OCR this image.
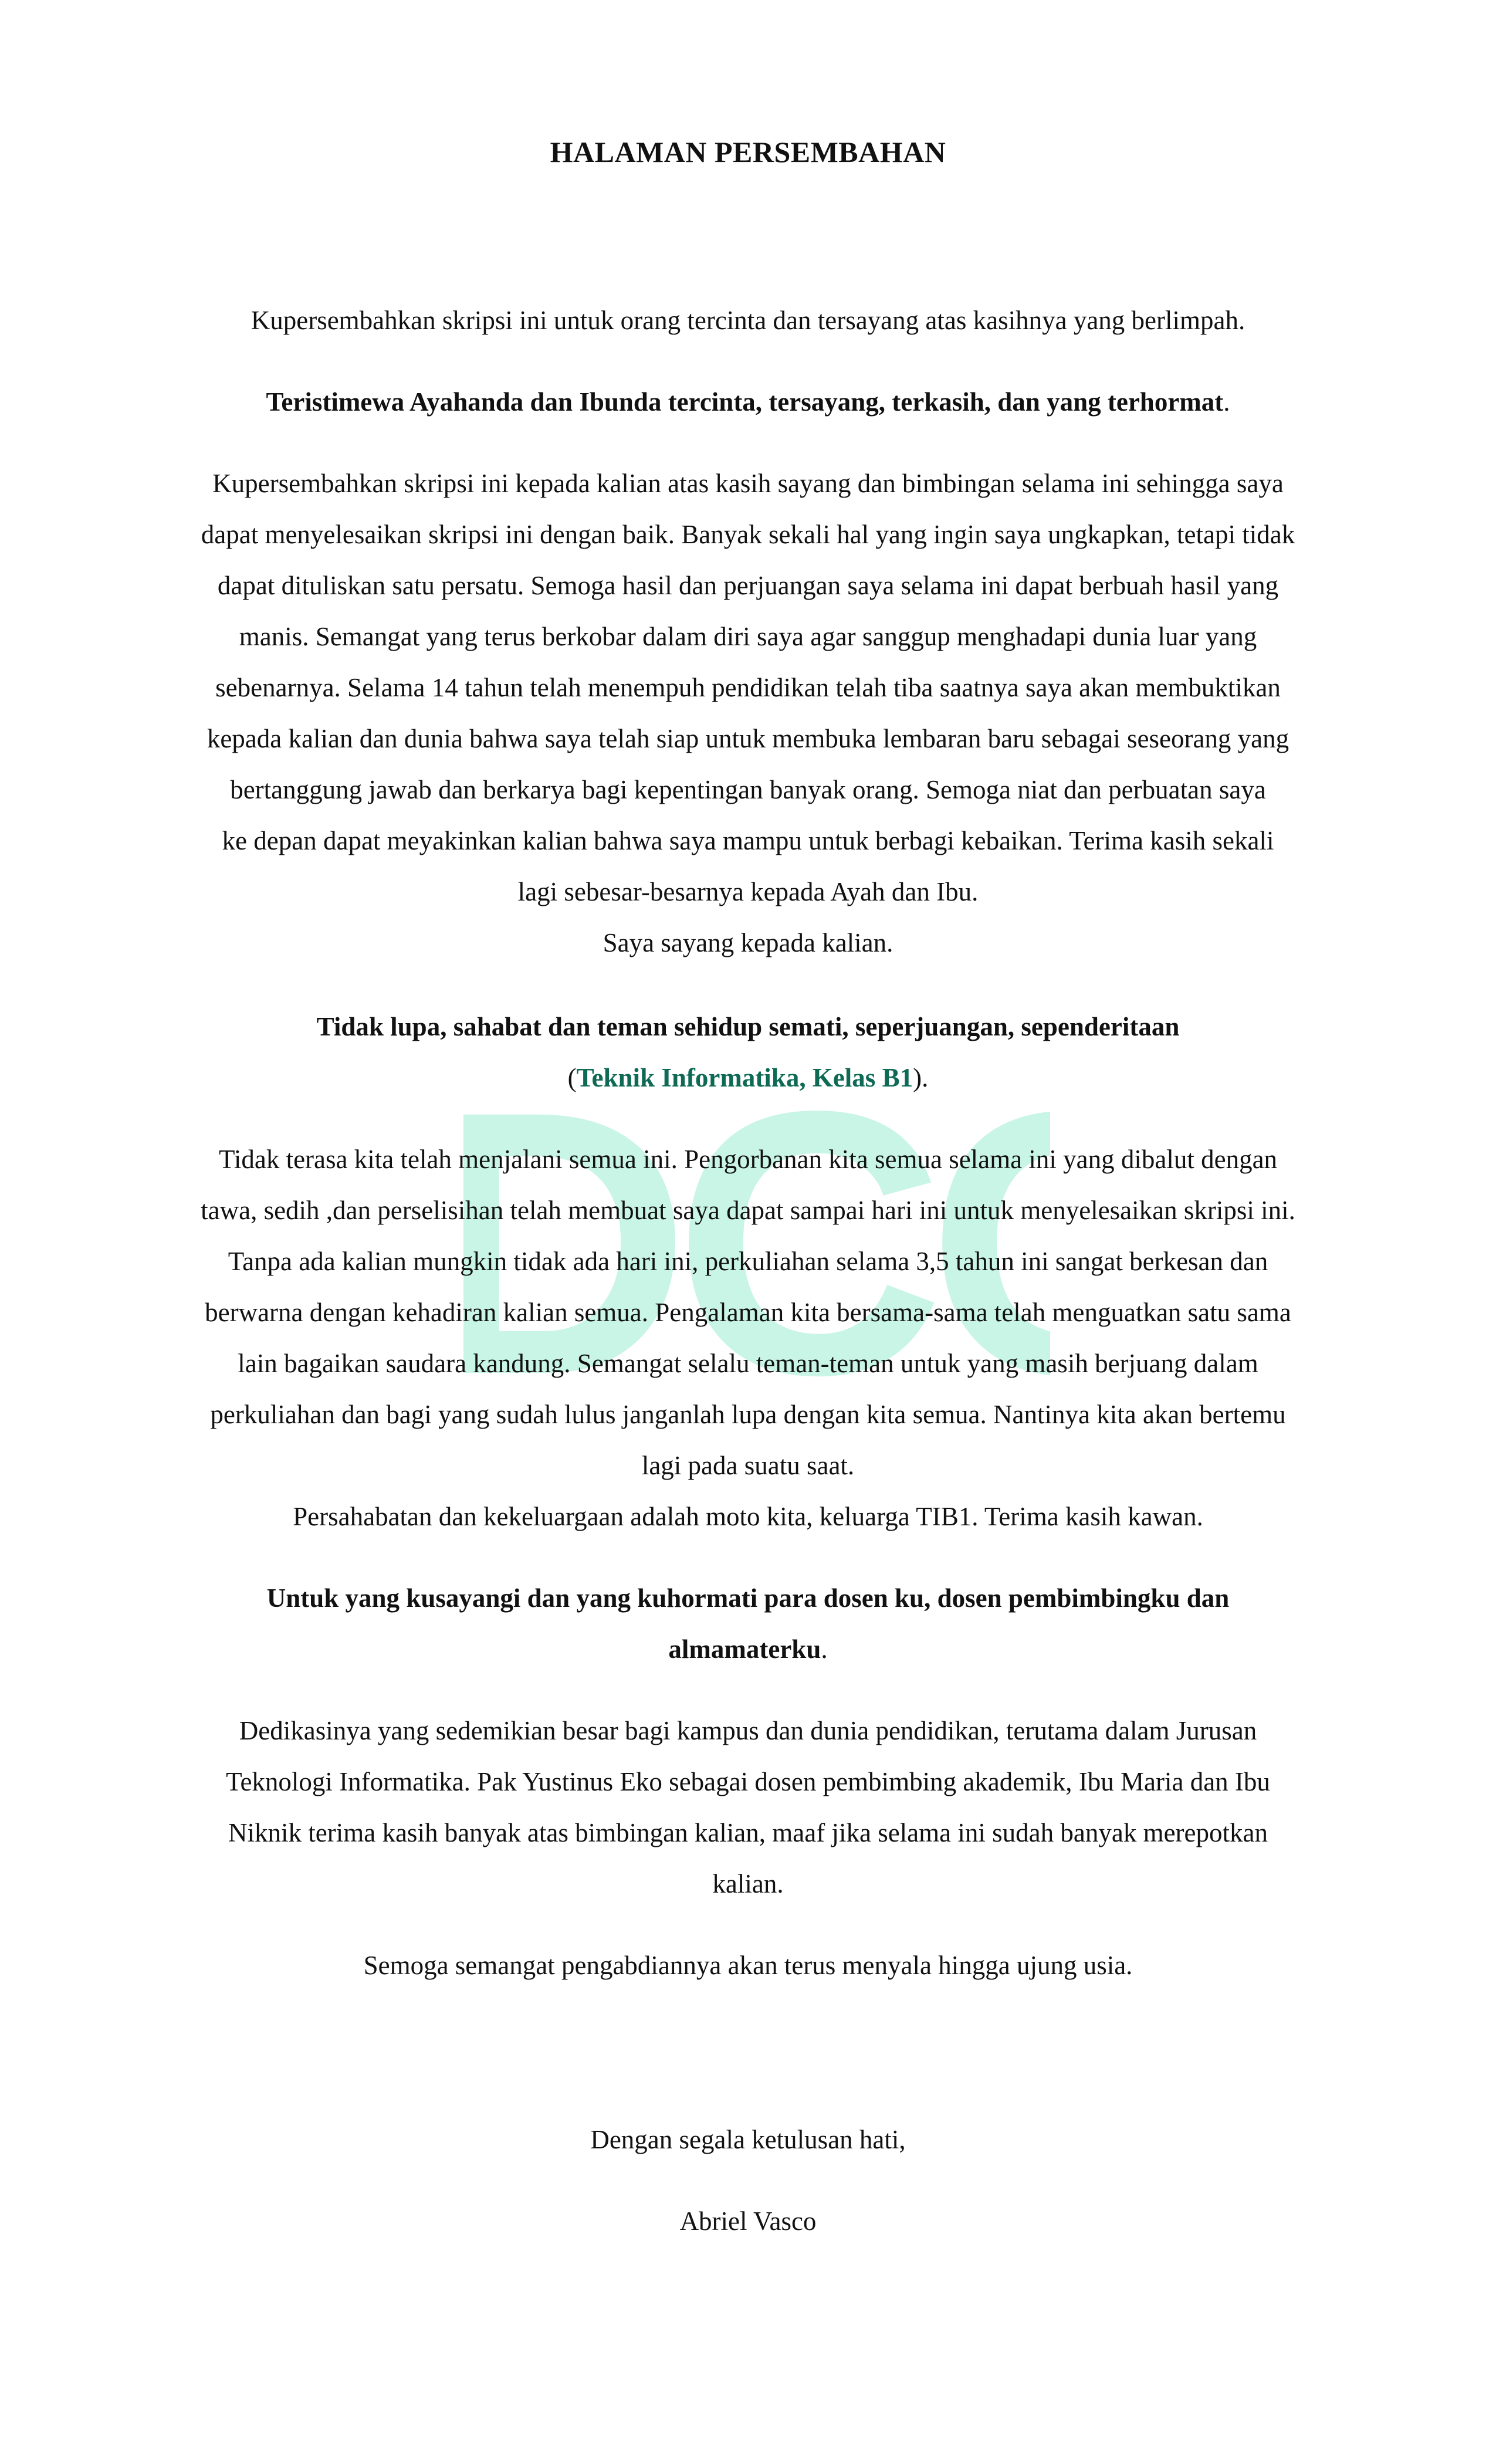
DC
HALAMAN PERSEMBAHAN

Kupersembahkan skripsi ini untuk orang tercinta dan tersayang atas kasihnya yang berlimpah.

Teristimewa Ayahanda dan Ibunda tercinta, tersayang, terkasih, dan yang terhormat.

Kupersembahkan skripsi ini kepada kalian atas kasih sayang dan bimbingan selama ini sehingga saya

dapat menyelesaikan skripsi ini dengan baik. Banyak sekali hal yang ingin saya ungkapkan, tetapi tidak

dapat dituliskan satu persatu. Semoga hasil dan perjuangan saya selama ini dapat berbuah hasil yang

manis. Semangat yang terus berkobar dalam diri saya agar sanggup menghadapi dunia luar yang

sebenarnya. Selama 14 tahun telah menempuh pendidikan telah tiba saatnya saya akan membuktikan

kepada kalian dan dunia bahwa saya telah siap untuk membuka lembaran baru sebagai seseorang yang

bertanggung jawab dan berkarya bagi kepentingan banyak orang. Semoga niat dan perbuatan saya

ke depan dapat meyakinkan kalian bahwa saya mampu untuk berbagi kebaikan. Terima kasih sekali

lagi sebesar-besarnya kepada Ayah dan Ibu.

Saya sayang kepada kalian.

Tidak lupa, sahabat dan teman sehidup semati, seperjuangan, sependeritaan

(Teknik Informatika, Kelas B1).

Tidak terasa kita telah menjalani semua ini. Pengorbanan kita semua selama ini yang dibalut dengan

tawa, sedih ,dan perselisihan telah membuat saya dapat sampai hari ini untuk menyelesaikan skripsi ini.

Tanpa ada kalian mungkin tidak ada hari ini, perkuliahan selama 3,5 tahun ini sangat berkesan dan

berwarna dengan kehadiran kalian semua. Pengalaman kita bersama-sama telah menguatkan satu sama

lain bagaikan saudara kandung. Semangat selalu teman-teman untuk yang masih berjuang dalam

perkuliahan dan bagi yang sudah lulus janganlah lupa dengan kita semua. Nantinya kita akan bertemu

lagi pada suatu saat.

Persahabatan dan kekeluargaan adalah moto kita, keluarga TIB1. Terima kasih kawan.

Untuk yang kusayangi dan yang kuhormati para dosen ku, dosen pembimbingku dan

almamaterku.

Dedikasinya yang sedemikian besar bagi kampus dan dunia pendidikan, terutama dalam Jurusan

Teknologi Informatika. Pak Yustinus Eko sebagai dosen pembimbing akademik, Ibu Maria dan Ibu

Niknik terima kasih banyak atas bimbingan kalian, maaf jika selama ini sudah banyak merepotkan

kalian.

Semoga semangat pengabdiannya akan terus menyala hingga ujung usia.

Dengan segala ketulusan hati,

Abriel Vasco
